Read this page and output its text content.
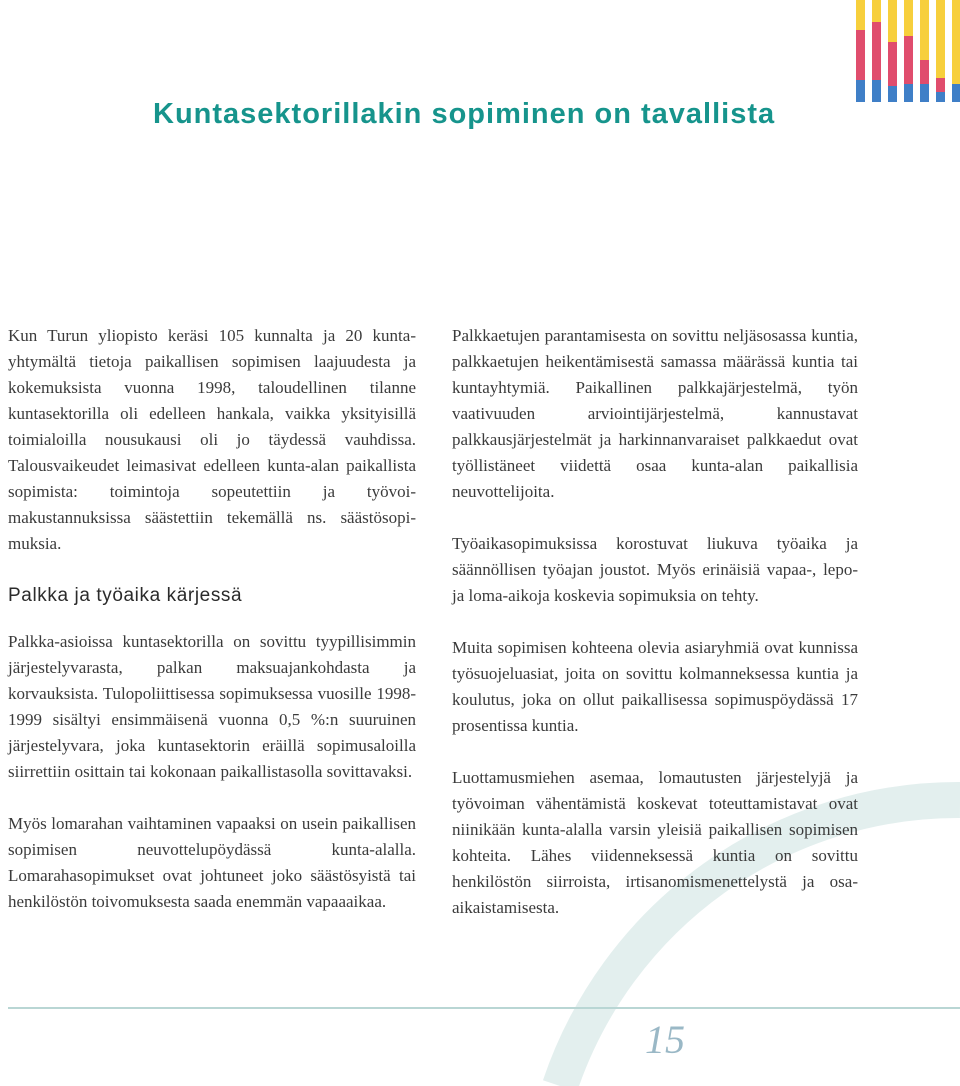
Kuntasektorillakin sopiminen on tavallista

Kun Turun yliopisto keräsi 105 kunnalta ja 20 kuntayhtymältä tietoja paikallisen sopimisen laajuudesta ja kokemuksista vuonna 1998, taloudellinen tilanne kuntasektorilla oli edelleen hankala, vaikka yksityisillä toimialoilla nousukausi oli jo täydessä vauhdissa. Talousvaikeudet leimasivat edelleen kunta-alan paikallista sopimista: toimintoja sopeutettiin ja työvoimakustannuksissa säästettiin tekemällä ns. säästösopimuksia.

Palkka ja työaika kärjessä

Palkka-asioissa kuntasektorilla on sovittu tyypillisimmin järjestelyvarasta, palkan maksuajankohdasta ja korvauksista. Tulopoliittisessa sopimuksessa vuosille 1998-1999 sisältyi ensimmäisenä vuonna 0,5 %:n suuruinen järjestelyvara, joka kuntasektorin eräillä sopimusaloilla siirrettiin osittain tai kokonaan paikallistasolla sovittavaksi.

Myös lomarahan vaihtaminen vapaaksi on usein paikallisen sopimisen neuvottelupöydässä kunta-alalla. Lomarahasopimukset ovat johtuneet joko säästösyistä tai henkilöstön toivomuksesta saada enemmän vapaaaikaa.

Palkkaetujen parantamisesta on sovittu neljäsosassa kuntia, palkkaetujen heikentämisestä samassa määrässä kuntia tai kuntayhtymiä. Paikallinen palkkajärjestelmä, työn vaativuuden arviointijärjestelmä, kannustavat palkkausjärjestelmät ja harkinnanvaraiset palkkaedut ovat työllistäneet viidettä osaa kunta-alan paikallisia neuvottelijoita.

Työaikasopimuksissa korostuvat liukuva työaika ja säännöllisen työajan joustot. Myös erinäisiä vapaa-, lepo- ja loma-aikoja koskevia sopimuksia on tehty.

Muita sopimisen kohteena olevia asiaryhmiä ovat kunnissa työsuojeluasiat, joita on sovittu kolmanneksessa kuntia ja koulutus, joka on ollut paikallisessa sopimuspöydässä 17 prosentissa kuntia.

Luottamusmiehen asemaa, lomautusten järjestelyjä ja työvoiman vähentämistä koskevat toteuttamistavat ovat niinikään kunta-alalla varsin yleisiä paikallisen sopimisen kohteita. Lähes viidenneksessä kuntia on sovittu henkilöstön siirroista, irtisanomismenettelystä ja osa-aikaistamisesta.

15
